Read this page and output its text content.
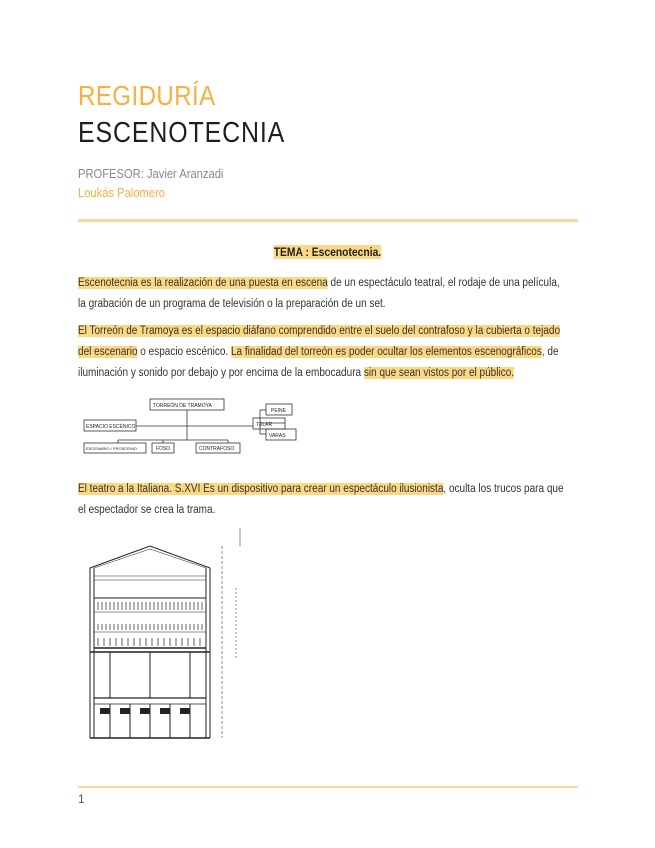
REGIDURÍA
ESCENOTECNIA
PROFESOR: Javier Aranzadi
Loukás Palomero
TEMA : Escenotecnia.

Escenotecnia es la realización de una puesta en escena de un espectáculo teatral, el rodaje de una película, la grabación de un programa de televisión o la preparación de un set.

El Torreón de Tramoya es el espacio diáfano comprendido entre el suelo del contrafoso y la cubierta o tejado del escenario o espacio escénico. La finalidad del torreón es poder ocultar los elementos escenográficos, de iluminación y sonido por debajo y por encima de la embocadura sin que sean vistos por el público.

TORREÓN DE TRAMOYA
ESPACIO ESCÉNICO	TELAR
PEINE
VARAS
ESCENARIO / PROSCENIO	FOSO	CONTRAFOSO

El teatro a la Italiana. S.XVI Es un dispositivo para crear un espectáculo ilusionista, oculta los trucos para que el espectador se crea la trama.

1
